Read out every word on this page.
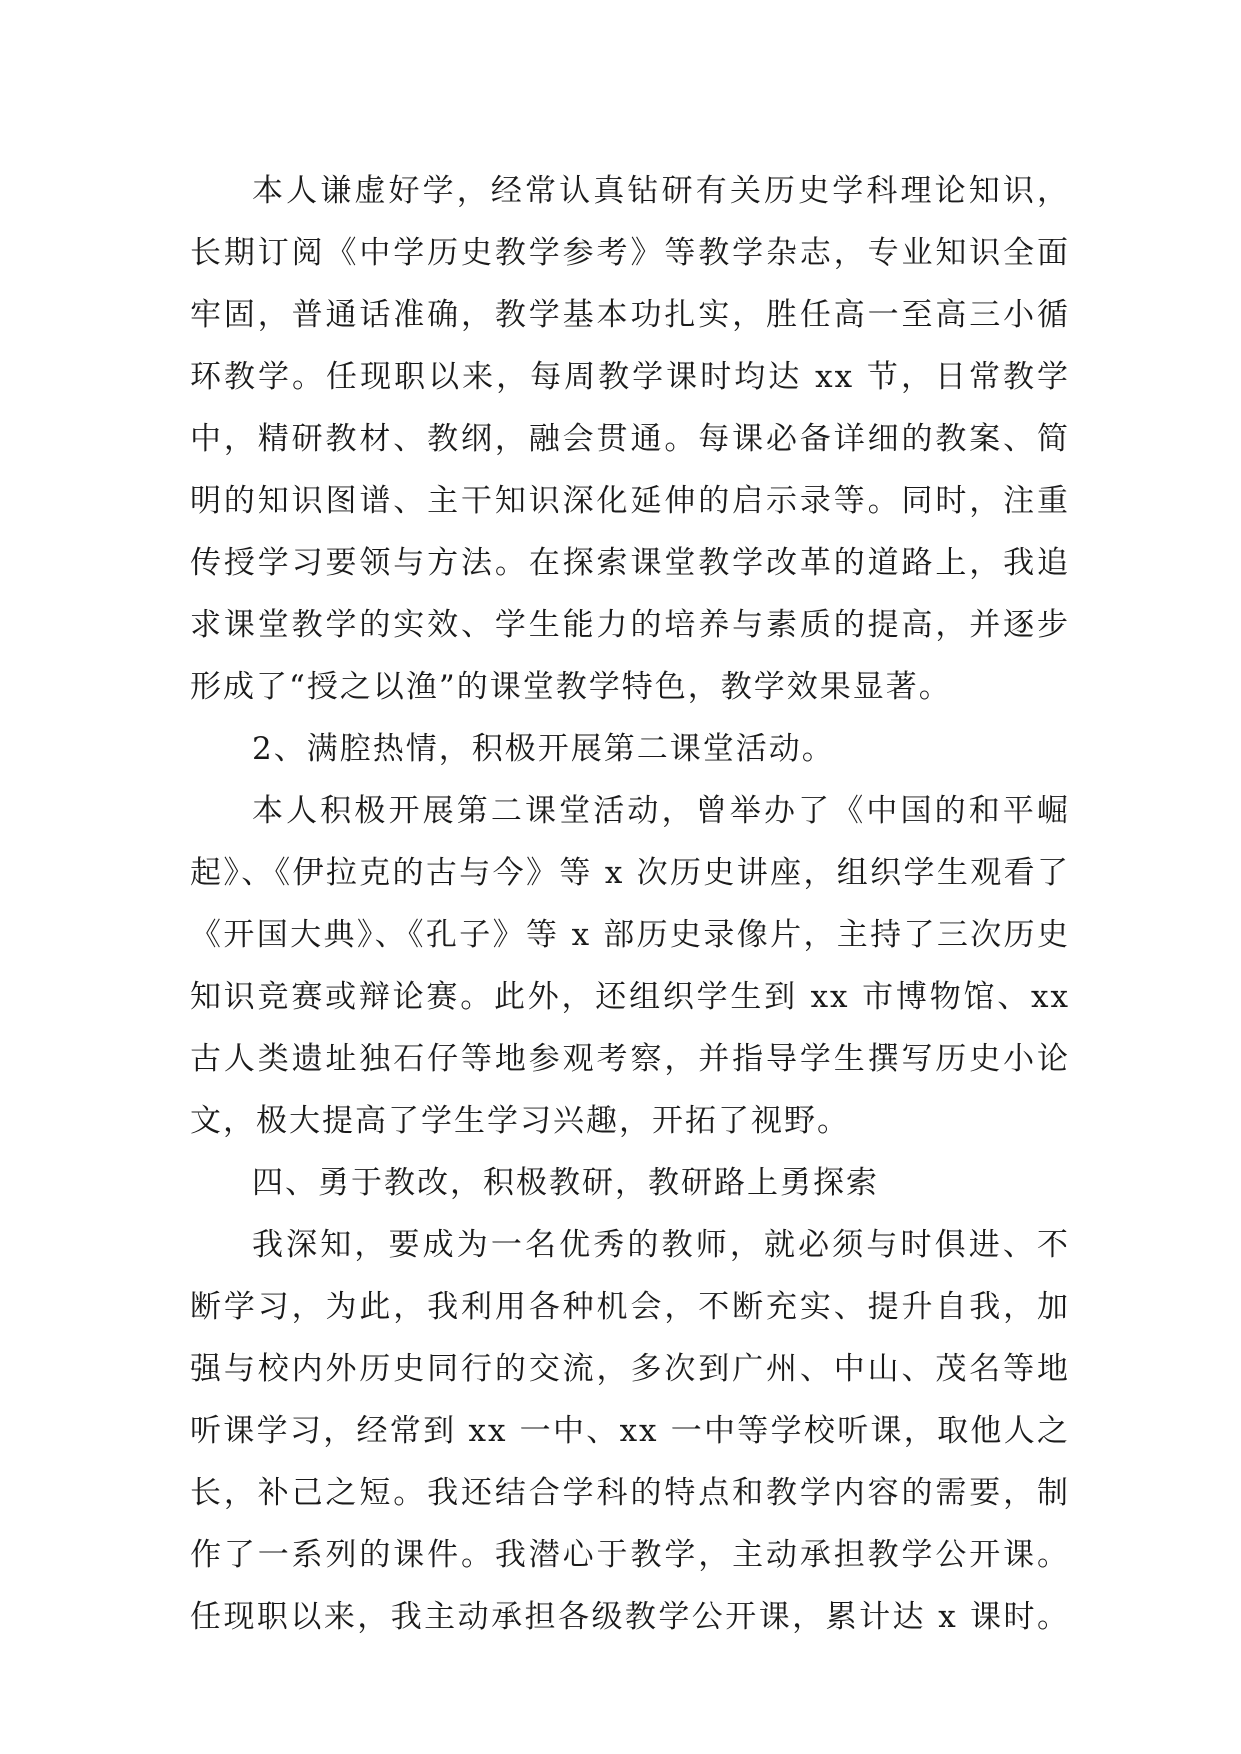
本人谦虚好学，经常认真钻研有关历史学科理论知识，
长期订阅《中学历史教学参考》等教学杂志，专业知识全面
牢固，普通话准确，教学基本功扎实，胜任高一至高三小循
环教学。任现职以来，每周教学课时均达 xx 节，日常教学
中，精研教材、教纲，融会贯通。每课必备详细的教案、简
明的知识图谱、主干知识深化延伸的启示录等。同时，注重
传授学习要领与方法。在探索课堂教学改革的道路上，我追
求课堂教学的实效、学生能力的培养与素质的提高，并逐步
形成了“授之以渔”的课堂教学特色，教学效果显著。
2、满腔热情，积极开展第二课堂活动。
本人积极开展第二课堂活动，曾举办了《中国的和平崛
起》、《伊拉克的古与今》等 x 次历史讲座，组织学生观看了
《开国大典》、《孔子》等 x 部历史录像片，主持了三次历史
知识竞赛或辩论赛。此外，还组织学生到 xx 市博物馆、xx
古人类遗址独石仔等地参观考察，并指导学生撰写历史小论
文，极大提高了学生学习兴趣，开拓了视野。
四、勇于教改，积极教研，教研路上勇探索
我深知，要成为一名优秀的教师，就必须与时俱进、不
断学习，为此，我利用各种机会，不断充实、提升自我，加
强与校内外历史同行的交流，多次到广州、中山、茂名等地
听课学习，经常到 xx 一中、xx 一中等学校听课，取他人之
长，补己之短。我还结合学科的特点和教学内容的需要，制
作了一系列的课件。我潜心于教学，主动承担教学公开课。
任现职以来，我主动承担各级教学公开课，累计达 x 课时。
